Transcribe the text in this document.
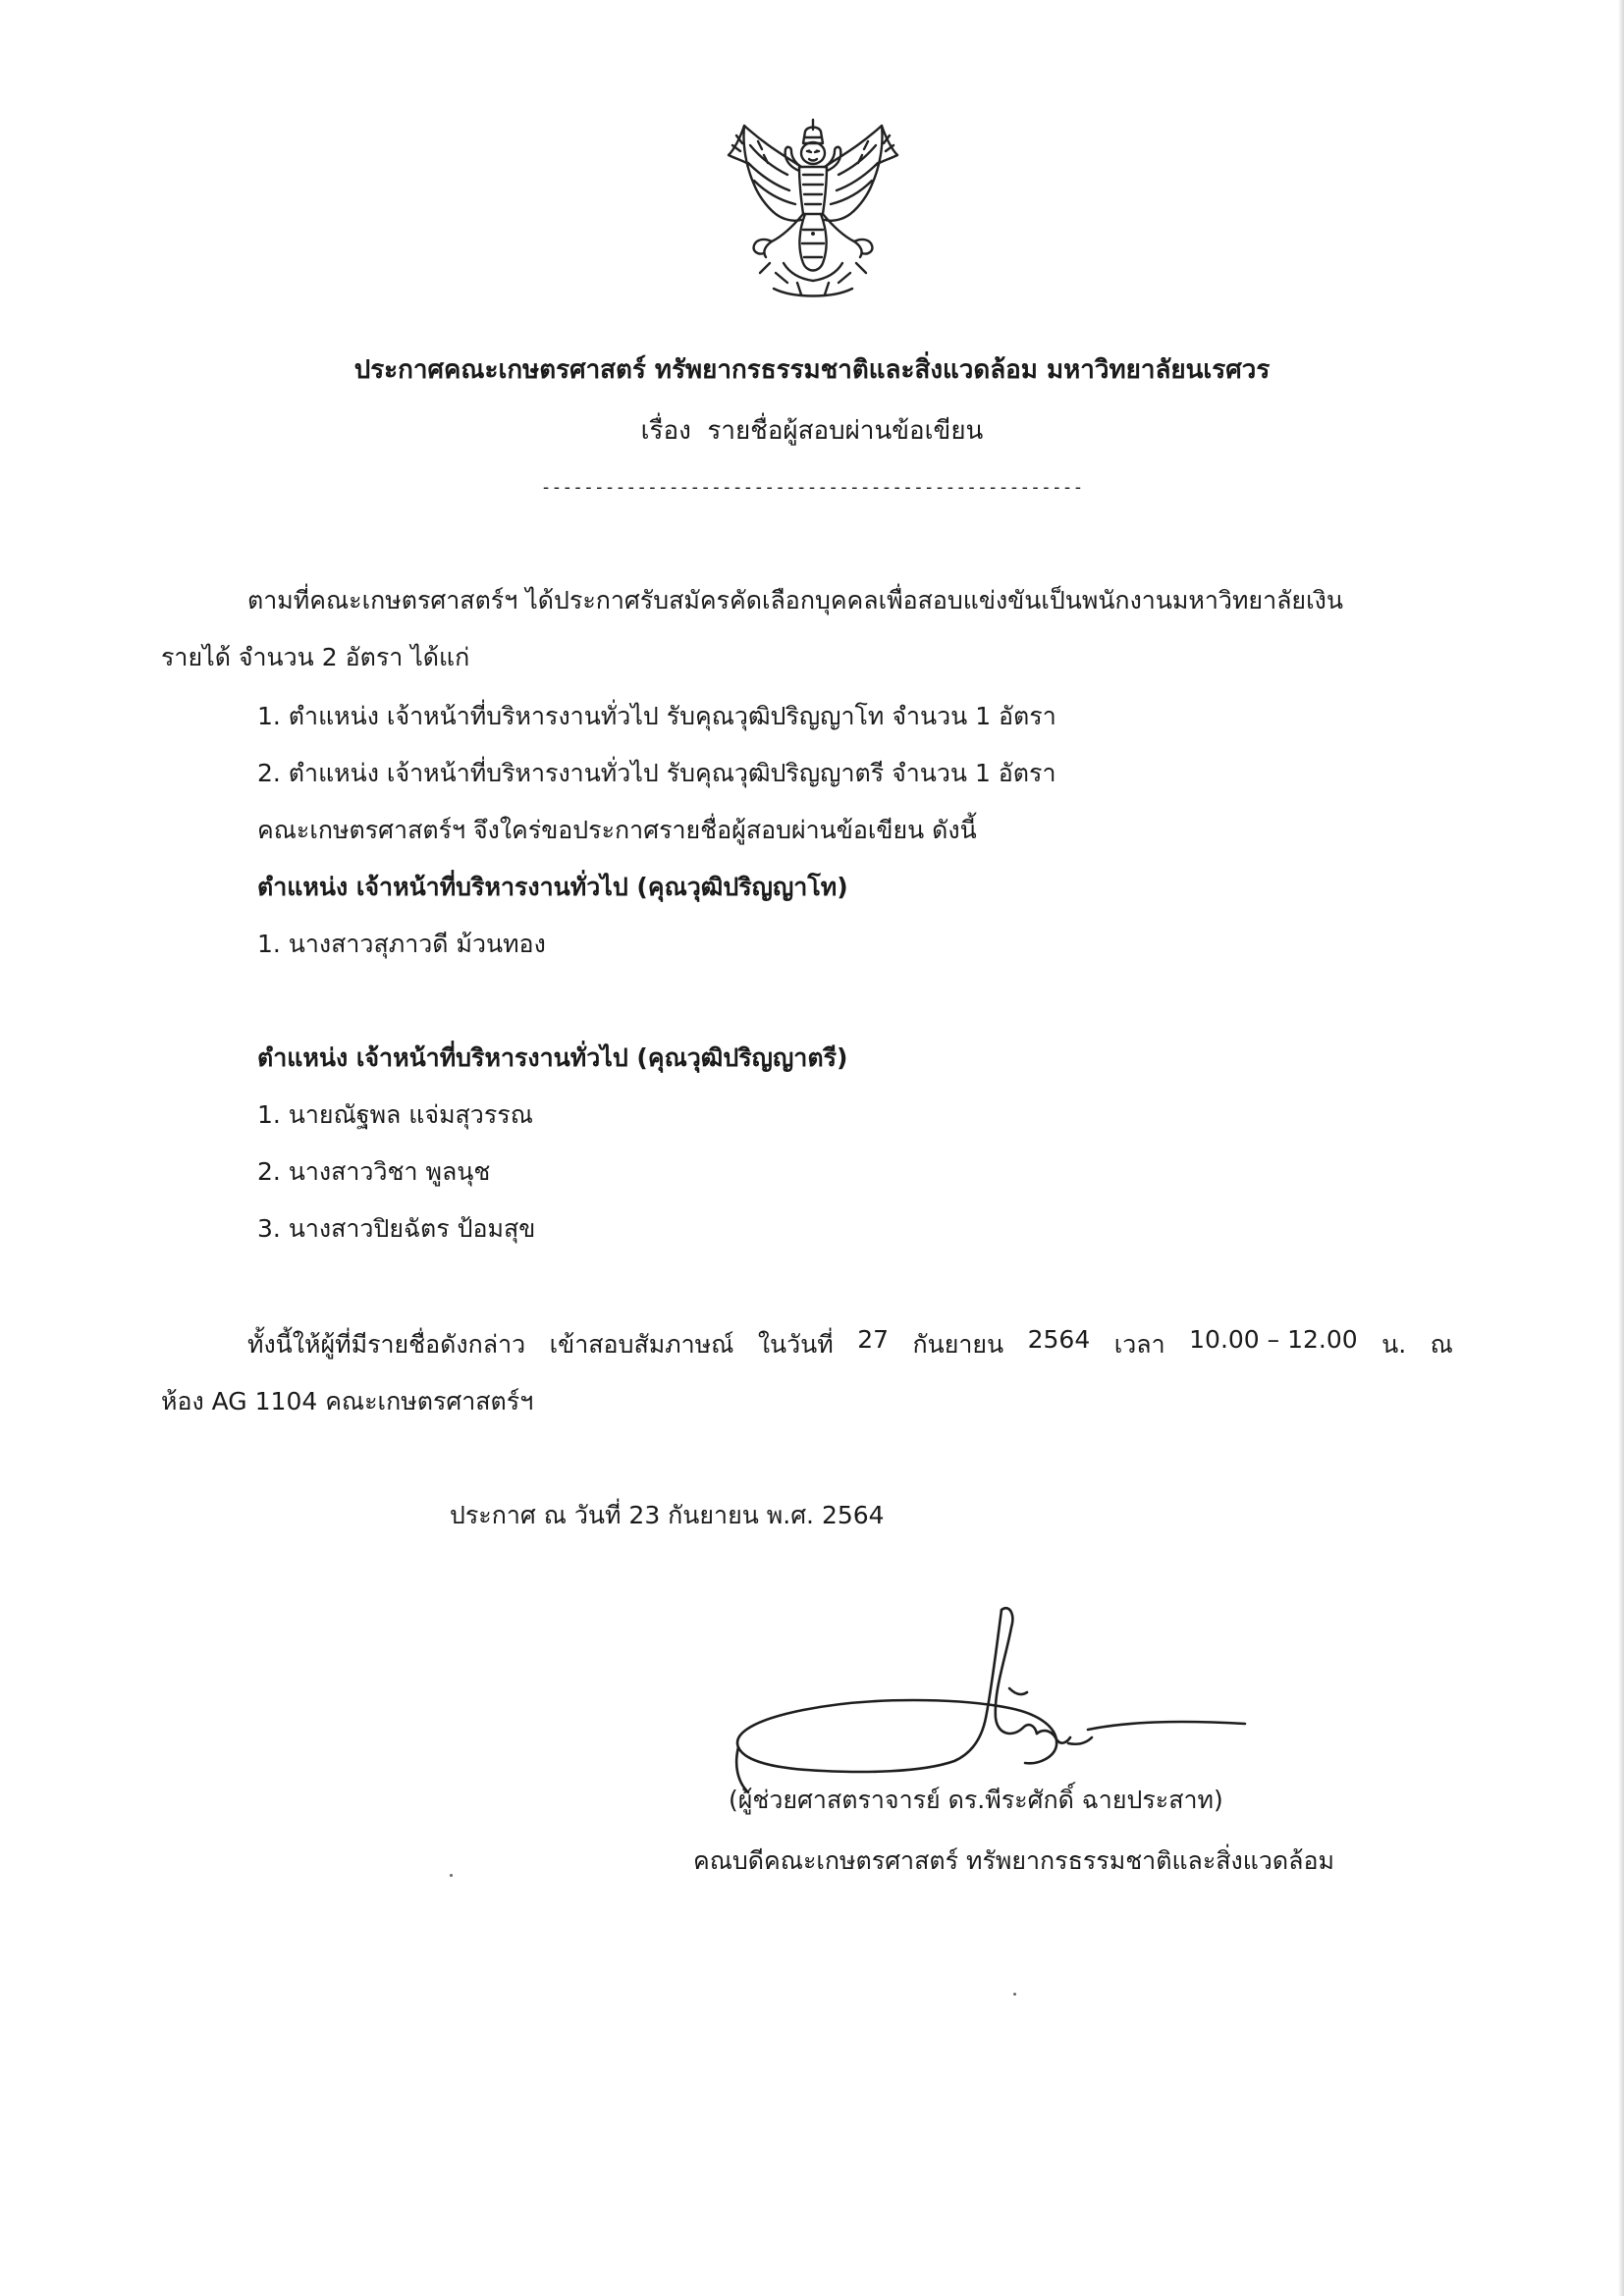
ประกาศคณะเกษตรศาสตร์ ทรัพยากรธรรมชาติและสิ่งแวดล้อม มหาวิทยาลัยนเรศวร
เรื่อง รายชื่อผู้สอบผ่านข้อเขียน
---------------------------------------------------
ตามที่คณะเกษตรศาสตร์ฯ ได้ประกาศรับสมัครคัดเลือกบุคคลเพื่อสอบแข่งขันเป็นพนักงานมหาวิทยาลัยเงิน
รายได้ จำนวน 2 อัตรา ได้แก่
1. ตำแหน่ง เจ้าหน้าที่บริหารงานทั่วไป รับคุณวุฒิปริญญาโท จำนวน 1 อัตรา
2. ตำแหน่ง เจ้าหน้าที่บริหารงานทั่วไป รับคุณวุฒิปริญญาตรี จำนวน 1 อัตรา
คณะเกษตรศาสตร์ฯ จึงใคร่ขอประกาศรายชื่อผู้สอบผ่านข้อเขียน ดังนี้
ตำแหน่ง เจ้าหน้าที่บริหารงานทั่วไป (คุณวุฒิปริญญาโท)
1. นางสาวสุภาวดี ม้วนทอง
ตำแหน่ง เจ้าหน้าที่บริหารงานทั่วไป (คุณวุฒิปริญญาตรี)
1. นายณัฐพล แจ่มสุวรรณ
2. นางสาววิชา พูลนุช
3. นางสาวปิยฉัตร ป้อมสุข
ทั้งนี้ให้ผู้ที่มีรายชื่อดังกล่าว เข้าสอบสัมภาษณ์ ในวันที่ 27 กันยายน 2564 เวลา 10.00 – 12.00 น. ณ
ห้อง AG 1104 คณะเกษตรศาสตร์ฯ
ประกาศ ณ วันที่ 23 กันยายน พ.ศ. 2564
(ผู้ช่วยศาสตราจารย์ ดร.พีระศักดิ์ ฉายประสาท)
คณบดีคณะเกษตรศาสตร์ ทรัพยากรธรรมชาติและสิ่งแวดล้อม
